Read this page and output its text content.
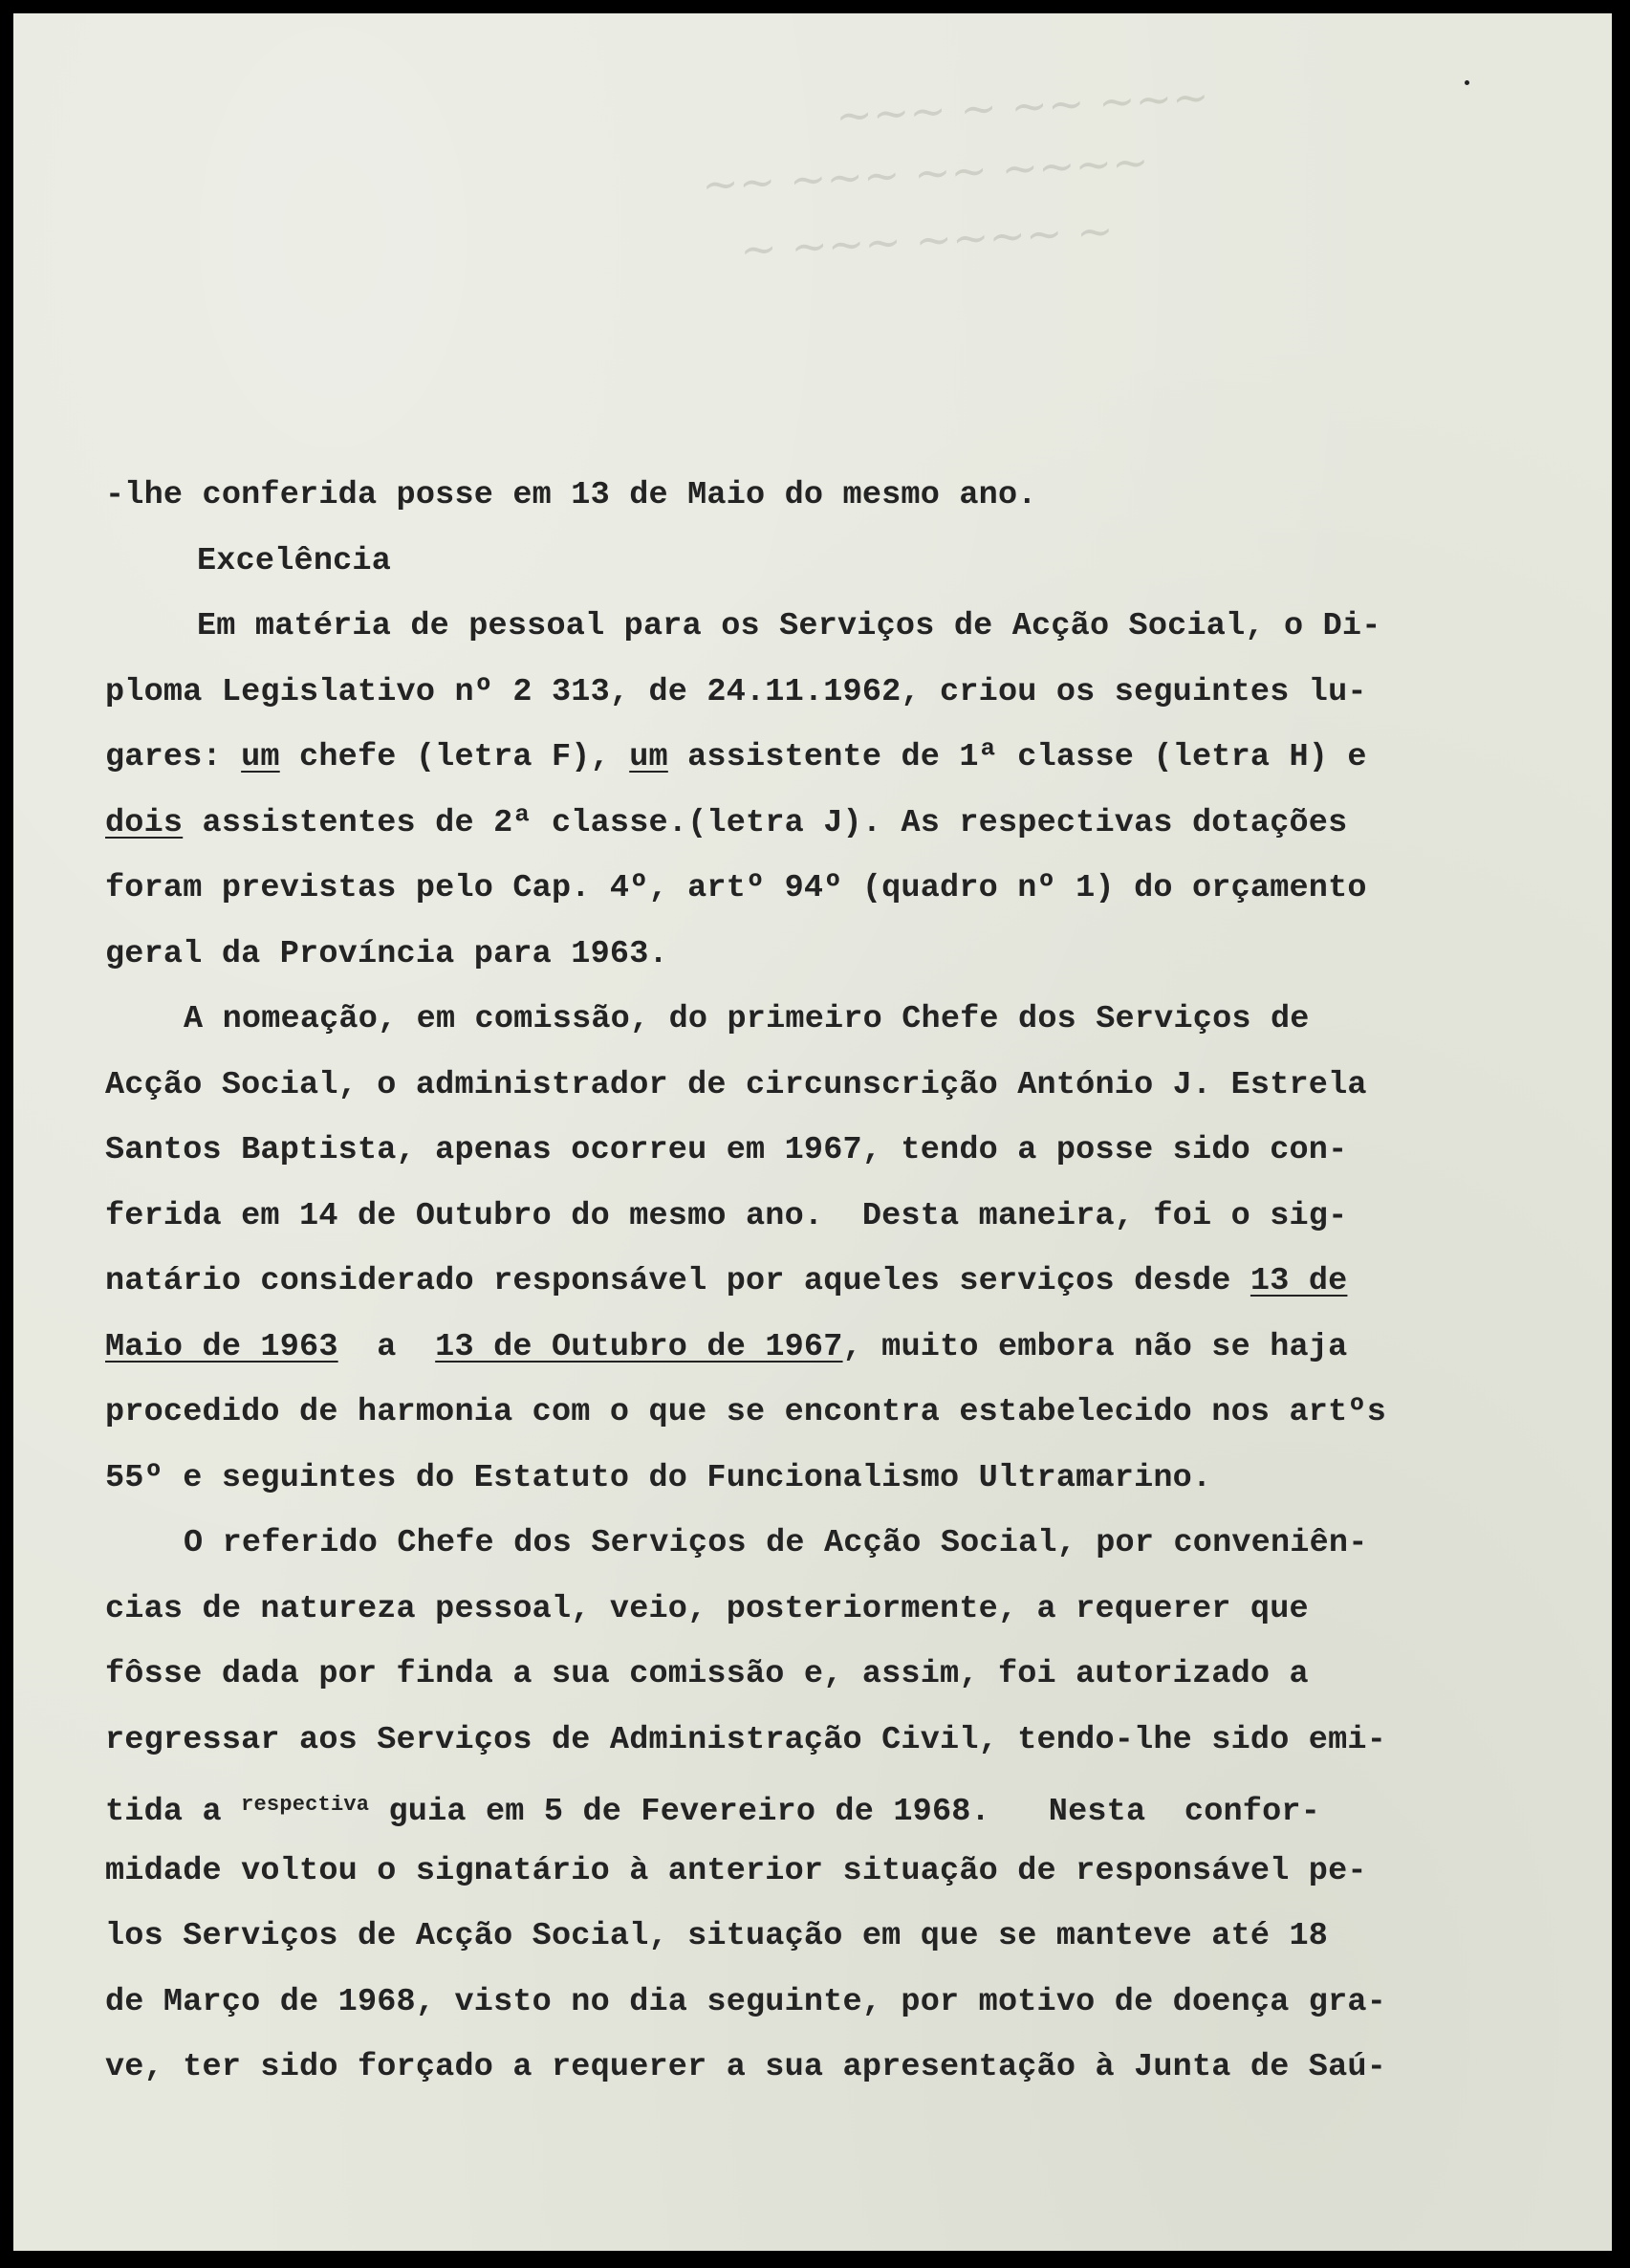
~~~ ~ ~~ ~~~
~~ ~~~ ~~ ~~~~
~ ~~~ ~~~~ ~
-lhe conferida posse em 13 de Maio do mesmo ano.
Excelência
Em matéria de pessoal para os Serviços de Acção Social, o Di-
ploma Legislativo nº 2 313, de 24.11.1962, criou os seguintes lu-
gares: um chefe (letra F), um assistente de 1ª classe (letra H) e
dois assistentes de 2ª classe.(letra J). As respectivas dotações
foram previstas pelo Cap. 4º, artº 94º (quadro nº 1) do orçamento
geral da Província para 1963.
A nomeação, em comissão, do primeiro Chefe dos Serviços de
Acção Social, o administrador de circunscrição António J. Estrela
Santos Baptista, apenas ocorreu em 1967, tendo a posse sido con-
ferida em 14 de Outubro do mesmo ano.  Desta maneira, foi o sig-
natário considerado responsável por aqueles serviços desde 13 de
Maio de 1963  a  13 de Outubro de 1967, muito embora não se haja
procedido de harmonia com o que se encontra estabelecido nos artºs
55º e seguintes do Estatuto do Funcionalismo Ultramarino.
O referido Chefe dos Serviços de Acção Social, por conveniên-
cias de natureza pessoal, veio, posteriormente, a requerer que
fôsse dada por finda a sua comissão e, assim, foi autorizado a
regressar aos Serviços de Administração Civil, tendo-lhe sido emi-
tida a $^{respectiva}$ guia em 5 de Fevereiro de 1968.   Nesta  confor-
midade voltou o signatário à anterior situação de responsável pe-
los Serviços de Acção Social, situação em que se manteve até 18
de Março de 1968, visto no dia seguinte, por motivo de doença gra-
ve, ter sido forçado a requerer a sua apresentação à Junta de Saú-
